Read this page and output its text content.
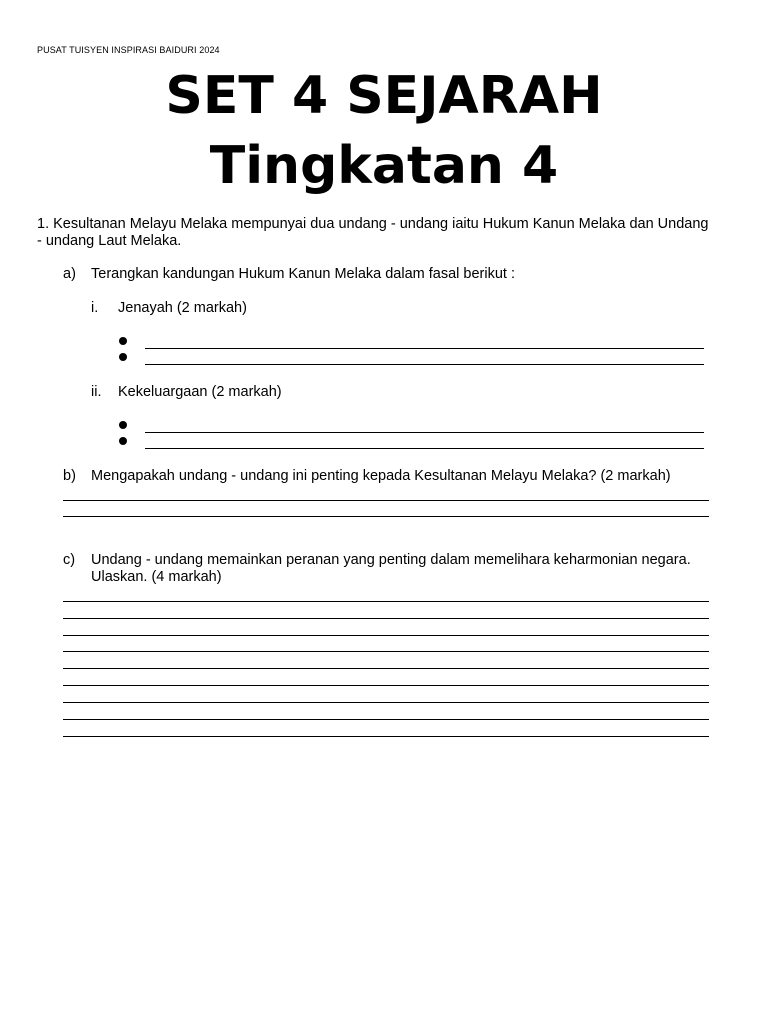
PUSAT TUISYEN INSPIRASI BAIDURI 2024
SET 4 SEJARAH
Tingkatan 4
1. Kesultanan Melayu Melaka mempunyai dua undang - undang iaitu Hukum Kanun Melaka dan Undang - undang Laut Melaka.
a) Terangkan kandungan Hukum Kanun Melaka dalam fasal berikut :
i. Jenayah (2 markah)
ii. Kekeluargaan (2 markah)
b) Mengapakah undang - undang ini penting kepada Kesultanan Melayu Melaka? (2 markah)
c) Undang - undang memainkan peranan yang penting dalam memelihara keharmonian negara. Ulaskan. (4 markah)
